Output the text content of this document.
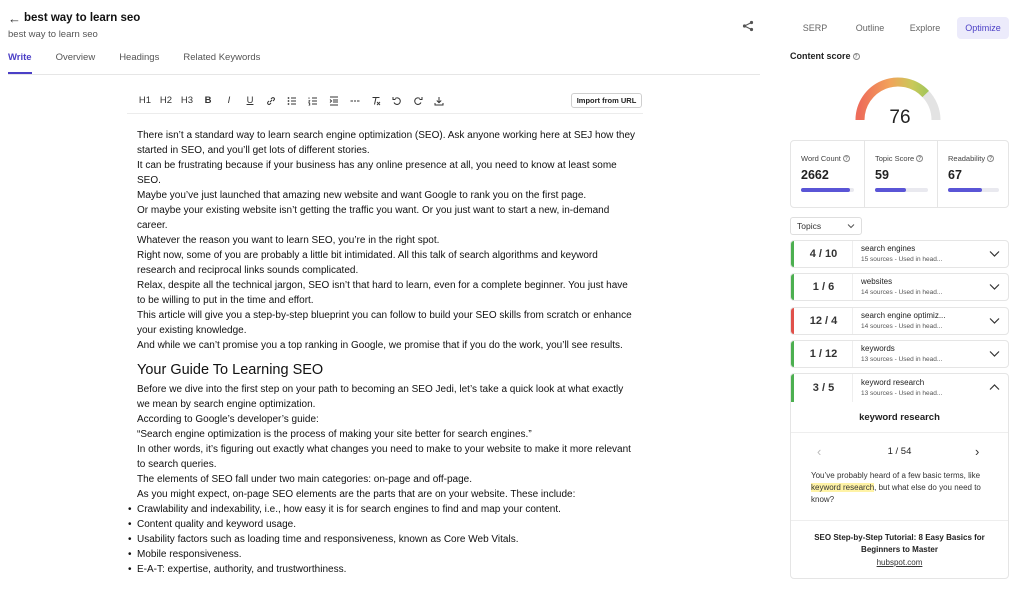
← best way to learn seo
best way to learn seo
Write	Overview	Headings	Related Keywords
H1 H2 H3 B	I	U	Import from URL

There isn’t a standard way to learn search engine optimization (SEO). Ask anyone working here at SEJ how they started in SEO, and you’ll get lots of different stories.

It can be frustrating because if your business has any online presence at all, you need to know at least some SEO.

Maybe you’ve just launched that amazing new website and want Google to rank you on the first page.

Or maybe your existing website isn’t getting the traffic you want. Or you just want to start a new, in-demand career.

Whatever the reason you want to learn SEO, you’re in the right spot.

Right now, some of you are probably a little bit intimidated. All this talk of search algorithms and keyword research and reciprocal links sounds complicated.

Relax, despite all the technical jargon, SEO isn’t that hard to learn, even for a complete beginner. You just have to be willing to put in the time and effort.

This article will give you a step-by-step blueprint you can follow to build your SEO skills from scratch or enhance your existing knowledge.

And while we can’t promise you a top ranking in Google, we promise that if you do the work, you’ll see results.

Your Guide To Learning SEO

Before we dive into the first step on your path to becoming an SEO Jedi, let’s take a quick look at what exactly we mean by search engine optimization.

According to Google’s developer’s guide:

“Search engine optimization is the process of making your site better for search engines.”

In other words, it’s figuring out exactly what changes you need to make to your website to make it more relevant to search queries.

The elements of SEO fall under two main categories: on-page and off-page.

As you might expect, on-page SEO elements are the parts that are on your website. These include:

• Crawlability and indexability, i.e., how easy it is for search engines to find and map your content.
• Content quality and keyword usage.
• Usability factors such as loading time and responsiveness, known as Core Web Vitals.
• Mobile responsiveness.
• E-A-T: expertise, authority, and trustworthiness.
SERP	Outline	Explore	Optimize
Content score ?
76
Word Count ?
2662
Topic Score ?
59
Readability ?
67
Topics
4 / 10	search engines
15 sources - Used in head...
1 / 6	websites
14 sources - Used in head...
12 / 4	search engine optimiz...
14 sources - Used in head...
1 / 12	keywords
13 sources - Used in head...
3 / 5	keyword research
13 sources - Used in head...
keyword research
1 / 54
‹	›
You’ve probably heard of a few basic terms, like keyword research, but what else do you need to know?
SEO Step-by-Step Tutorial: 8 Easy Basics for Beginners to Master
hubspot.com
